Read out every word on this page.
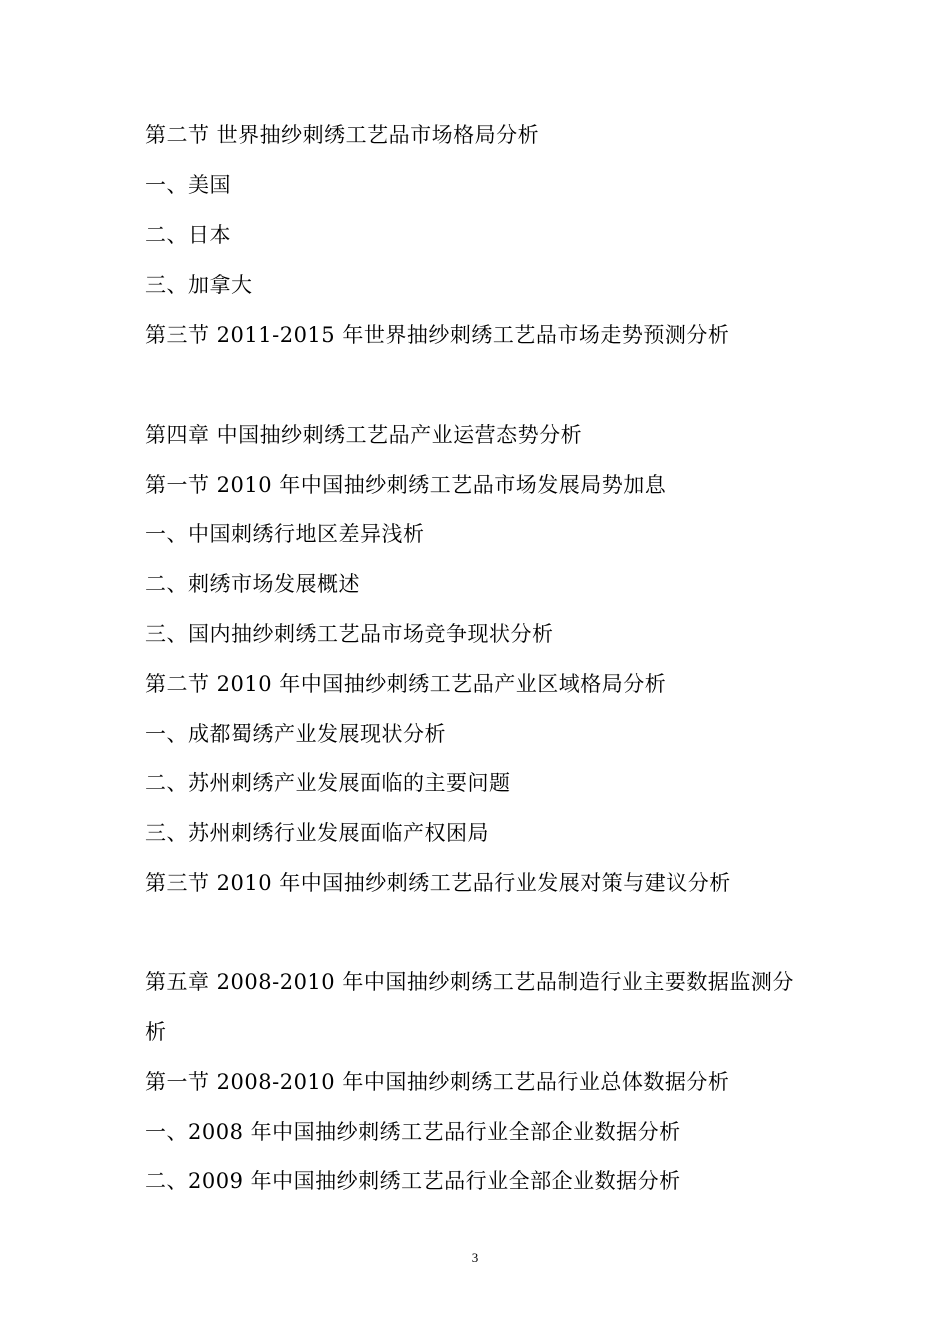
第二节 世界抽纱刺绣工艺品市场格局分析
一、美国
二、日本
三、加拿大
第三节 2011-2015 年世界抽纱刺绣工艺品市场走势预测分析
第四章 中国抽纱刺绣工艺品产业运营态势分析
第一节 2010 年中国抽纱刺绣工艺品市场发展局势加息
一、中国刺绣行地区差异浅析
二、刺绣市场发展概述
三、国内抽纱刺绣工艺品市场竞争现状分析
第二节 2010 年中国抽纱刺绣工艺品产业区域格局分析
一、成都蜀绣产业发展现状分析
二、苏州刺绣产业发展面临的主要问题
三、苏州刺绣行业发展面临产权困局
第三节 2010 年中国抽纱刺绣工艺品行业发展对策与建议分析
第五章 2008-2010 年中国抽纱刺绣工艺品制造行业主要数据监测分
析
第一节 2008-2010 年中国抽纱刺绣工艺品行业总体数据分析
一、2008 年中国抽纱刺绣工艺品行业全部企业数据分析
二、2009 年中国抽纱刺绣工艺品行业全部企业数据分析
3
